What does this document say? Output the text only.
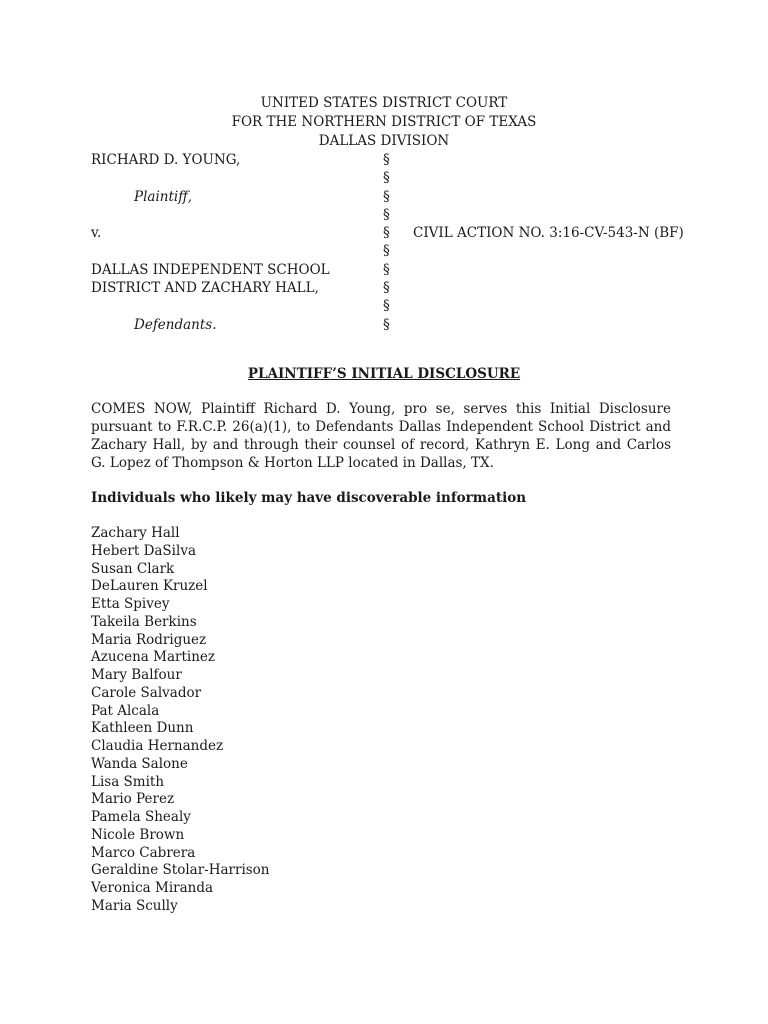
UNITED STATES DISTRICT COURT
FOR THE NORTHERN DISTRICT OF TEXAS
DALLAS DIVISION
RICHARD D. YOUNG,	§
§
Plaintiff,	§
§
v.	§ CIVIL ACTION NO. 3:16-CV-543-N (BF)
§
DALLAS INDEPENDENT SCHOOL	§
DISTRICT AND ZACHARY HALL,	§
§
Defendants.	§
PLAINTIFF’S INITIAL DISCLOSURE
COMES NOW, Plaintiff Richard D. Young, pro se, serves this Initial Disclosure pursuant to F.R.C.P. 26(a)(1), to Defendants Dallas Independent School District and Zachary Hall, by and through their counsel of record, Kathryn E. Long and Carlos G. Lopez of Thompson & Horton LLP located in Dallas, TX.
Individuals who likely may have discoverable information
Zachary Hall
Hebert DaSilva
Susan Clark
DeLauren Kruzel
Etta Spivey
Takeila Berkins
Maria Rodriguez
Azucena Martinez
Mary Balfour
Carole Salvador
Pat Alcala
Kathleen Dunn
Claudia Hernandez
Wanda Salone
Lisa Smith
Mario Perez
Pamela Shealy
Nicole Brown
Marco Cabrera
Geraldine Stolar-Harrison
Veronica Miranda
Maria Scully
